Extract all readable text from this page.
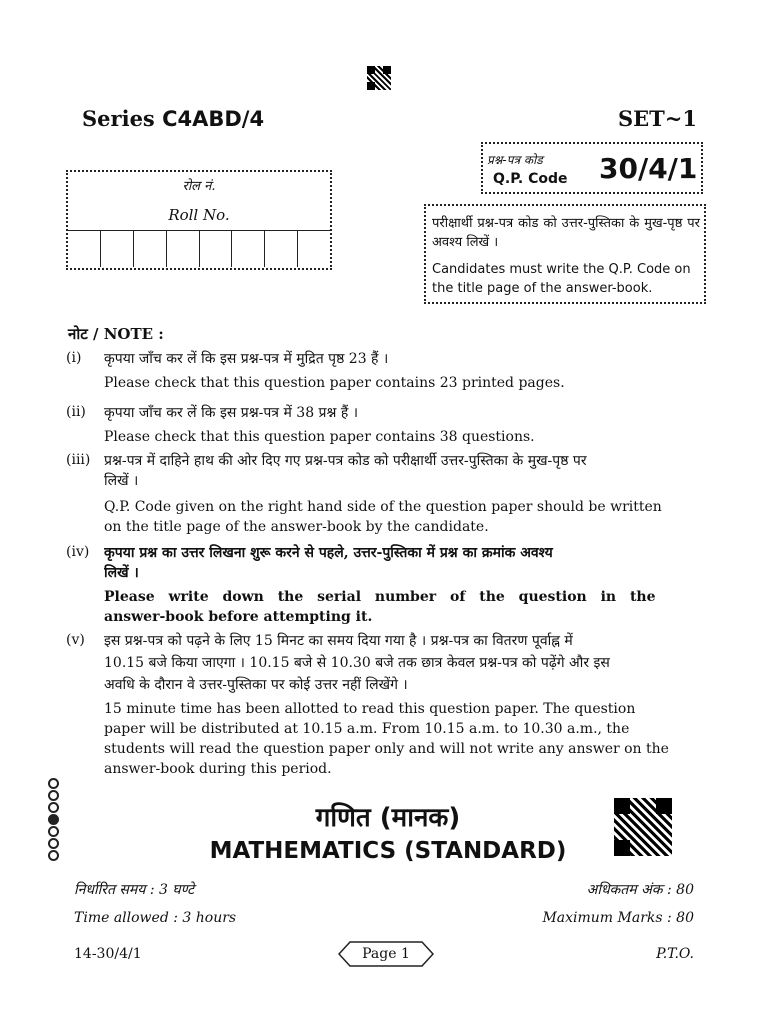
Series C4ABD/4	SET~1
रोल नं.
Roll No.
प्रश्न-पत्र कोड
Q.P. Code 30/4/1
परीक्षार्थी प्रश्न-पत्र कोड को उत्तर-पुस्तिका के मुख-पृष्ठ पर अवश्य लिखें ।
Candidates must write the Q.P. Code on the title page of the answer-book.
नोट / NOTE :
(i) कृपया जाँच कर लें कि इस प्रश्न-पत्र में मुद्रित पृष्ठ 23 हैं ।
Please check that this question paper contains 23 printed pages.
(ii) कृपया जाँच कर लें कि इस प्रश्न-पत्र में 38 प्रश्न हैं ।
Please check that this question paper contains 38 questions.
(iii) प्रश्न-पत्र में दाहिने हाथ की ओर दिए गए प्रश्न-पत्र कोड को परीक्षार्थी उत्तर-पुस्तिका के मुख-पृष्ठ पर
लिखें ।
Q.P. Code given on the right hand side of the question paper should be written
on the title page of the answer-book by the candidate.
(iv) कृपया प्रश्न का उत्तर लिखना शुरू करने से पहले, उत्तर-पुस्तिका में प्रश्न का क्रमांक अवश्य
लिखें ।
Please write down the serial number of the question in the
answer-book before attempting it.
(v) इस प्रश्न-पत्र को पढ़ने के लिए 15 मिनट का समय दिया गया है । प्रश्न-पत्र का वितरण पूर्वाह्न में
10.15 बजे किया जाएगा । 10.15 बजे से 10.30 बजे तक छात्र केवल प्रश्न-पत्र को पढ़ेंगे और इस
अवधि के दौरान वे उत्तर-पुस्तिका पर कोई उत्तर नहीं लिखेंगे ।
15 minute time has been allotted to read this question paper. The question
paper will be distributed at 10.15 a.m. From 10.15 a.m. to 10.30 a.m., the
students will read the question paper only and will not write any answer on the
answer-book during this period.
गणित (मानक)
MATHEMATICS (STANDARD)
निर्धारित समय : 3 घण्टे	अधिकतम अंक : 80
Time allowed : 3 hours	Maximum Marks : 80
14-30/4/1	Page 1	P.T.O.
